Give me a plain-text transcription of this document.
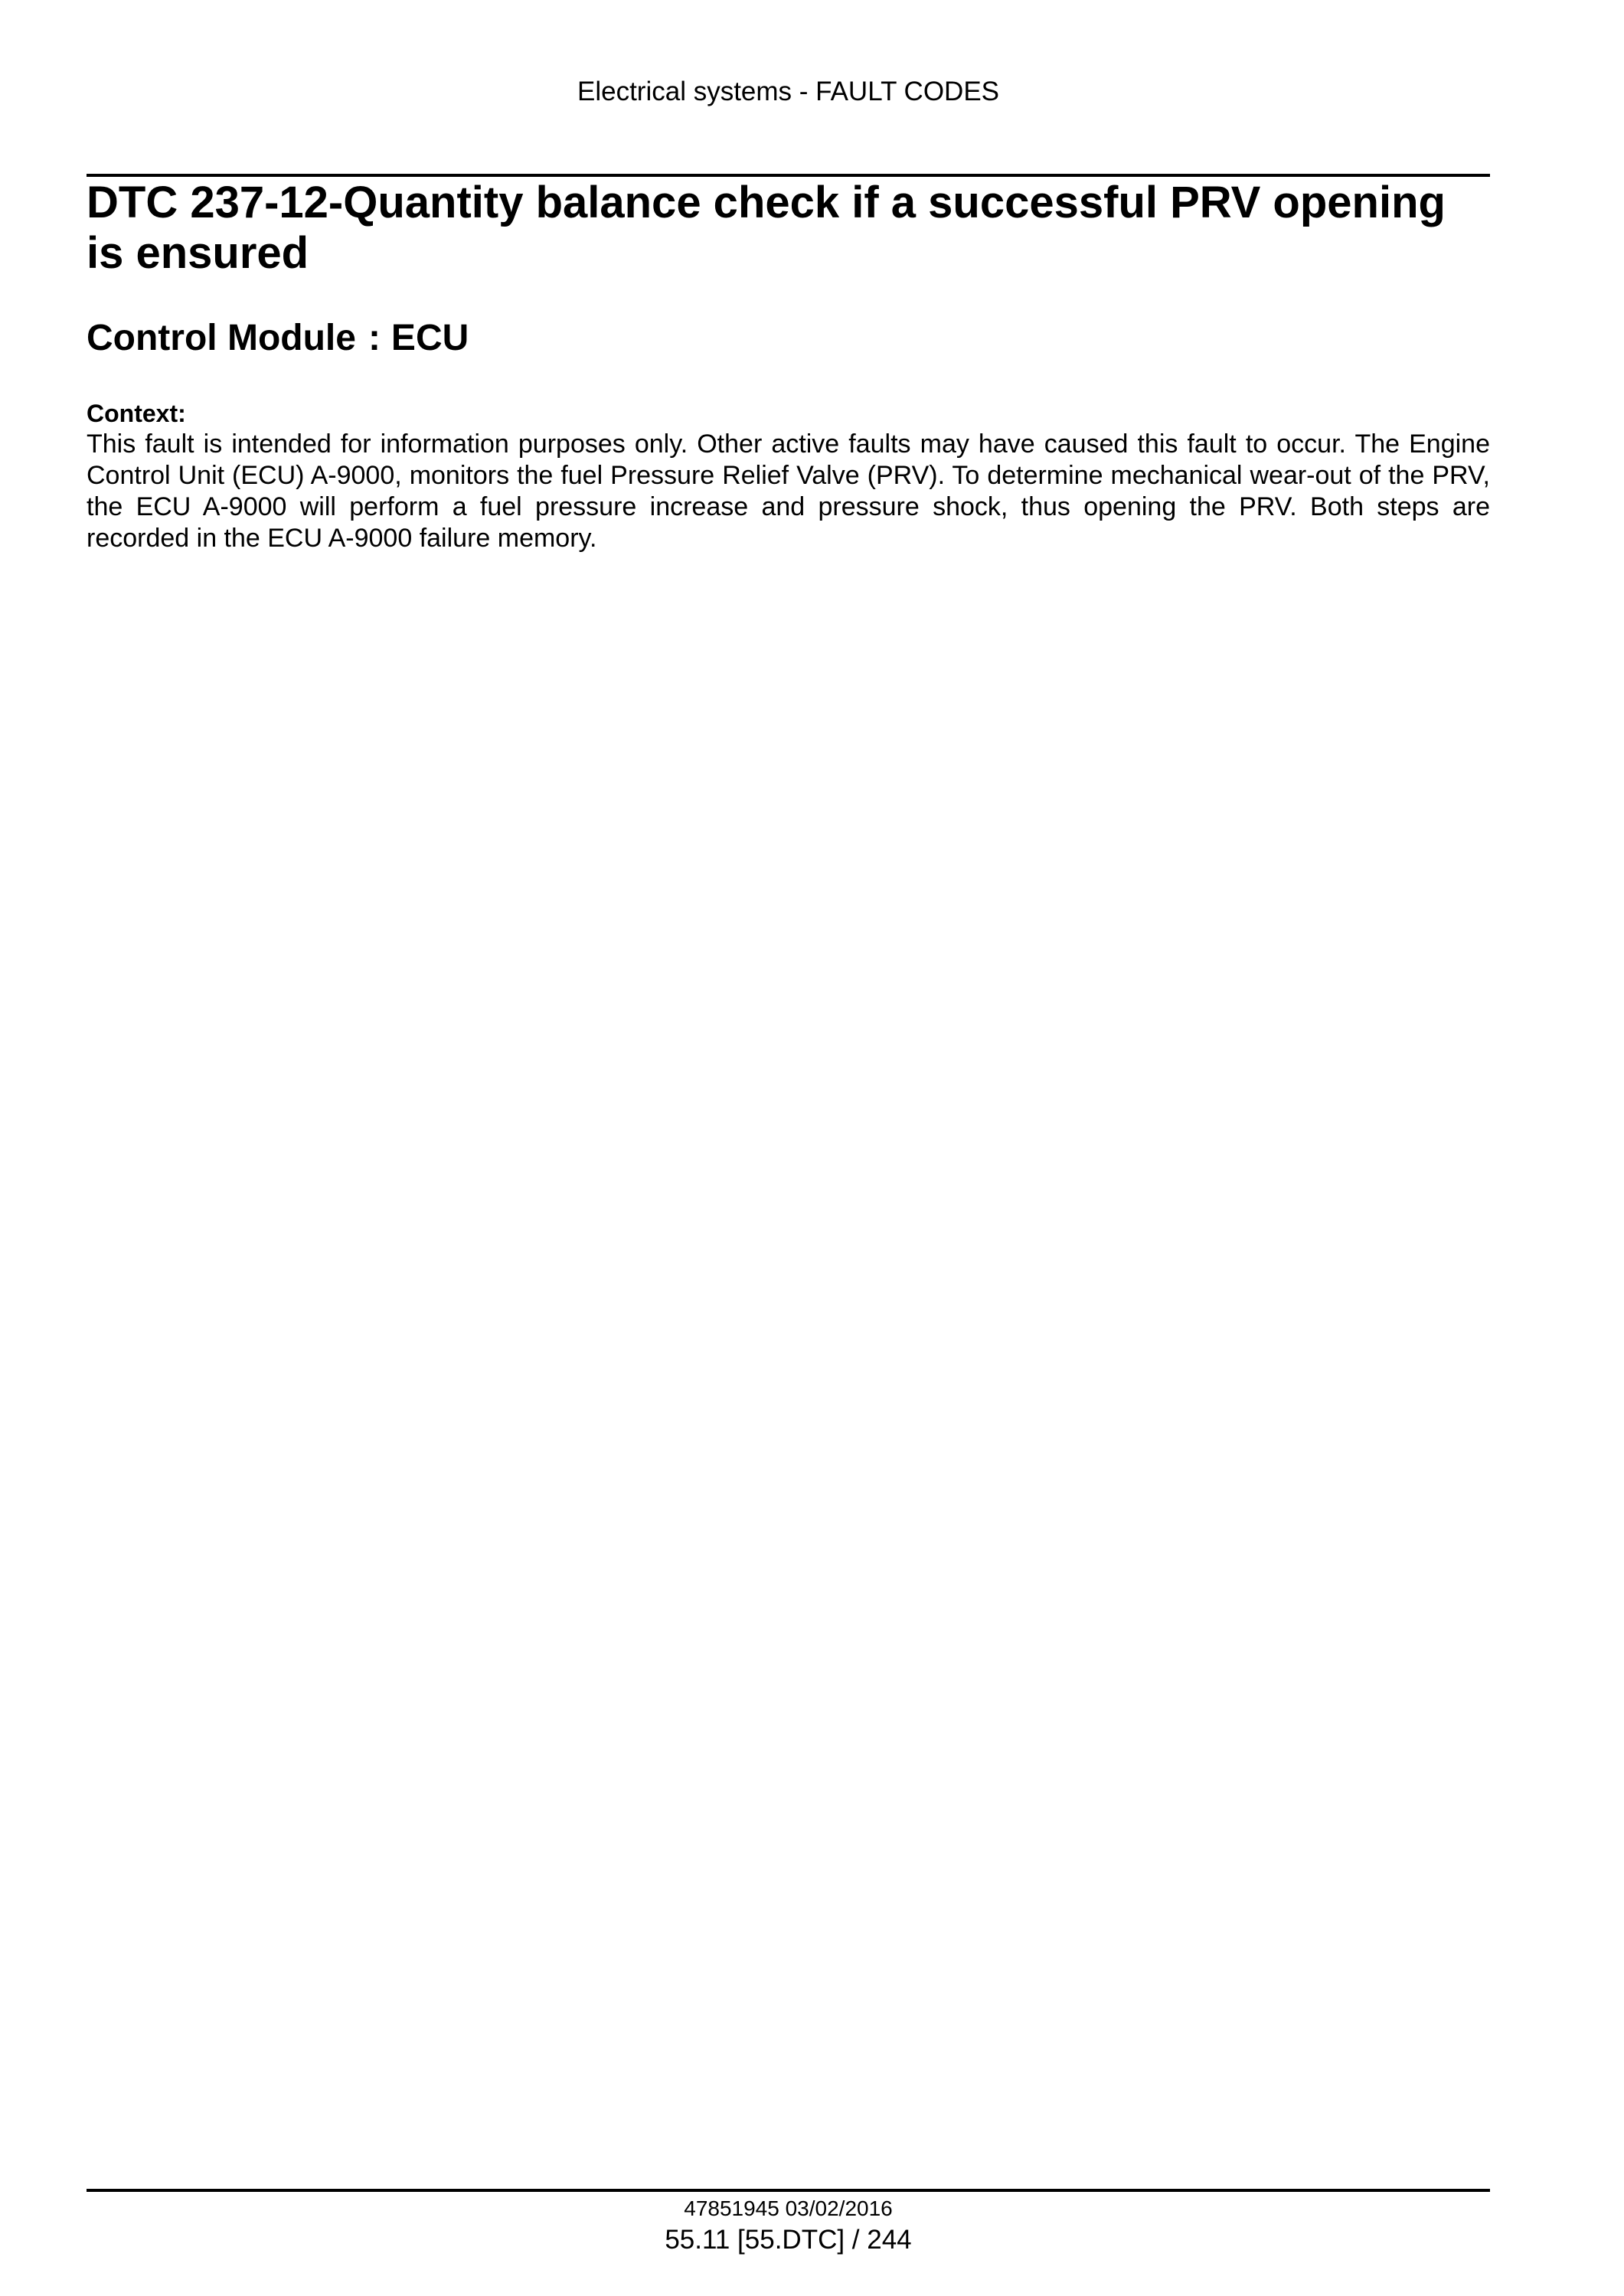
Electrical systems - FAULT CODES
DTC 237-12-Quantity balance check if a successful PRV opening is ensured
Control Module : ECU
Context:

This fault is intended for information purposes only. Other active faults may have caused this fault to occur. The Engine Control Unit (ECU) A-9000, monitors the fuel Pressure Relief Valve (PRV). To determine mechanical wear-out of the PRV, the ECU A-9000 will perform a fuel pressure increase and pressure shock, thus opening the PRV. Both steps are recorded in the ECU A-9000 failure memory.

47851945 03/02/2016
55.11 [55.DTC] / 244
